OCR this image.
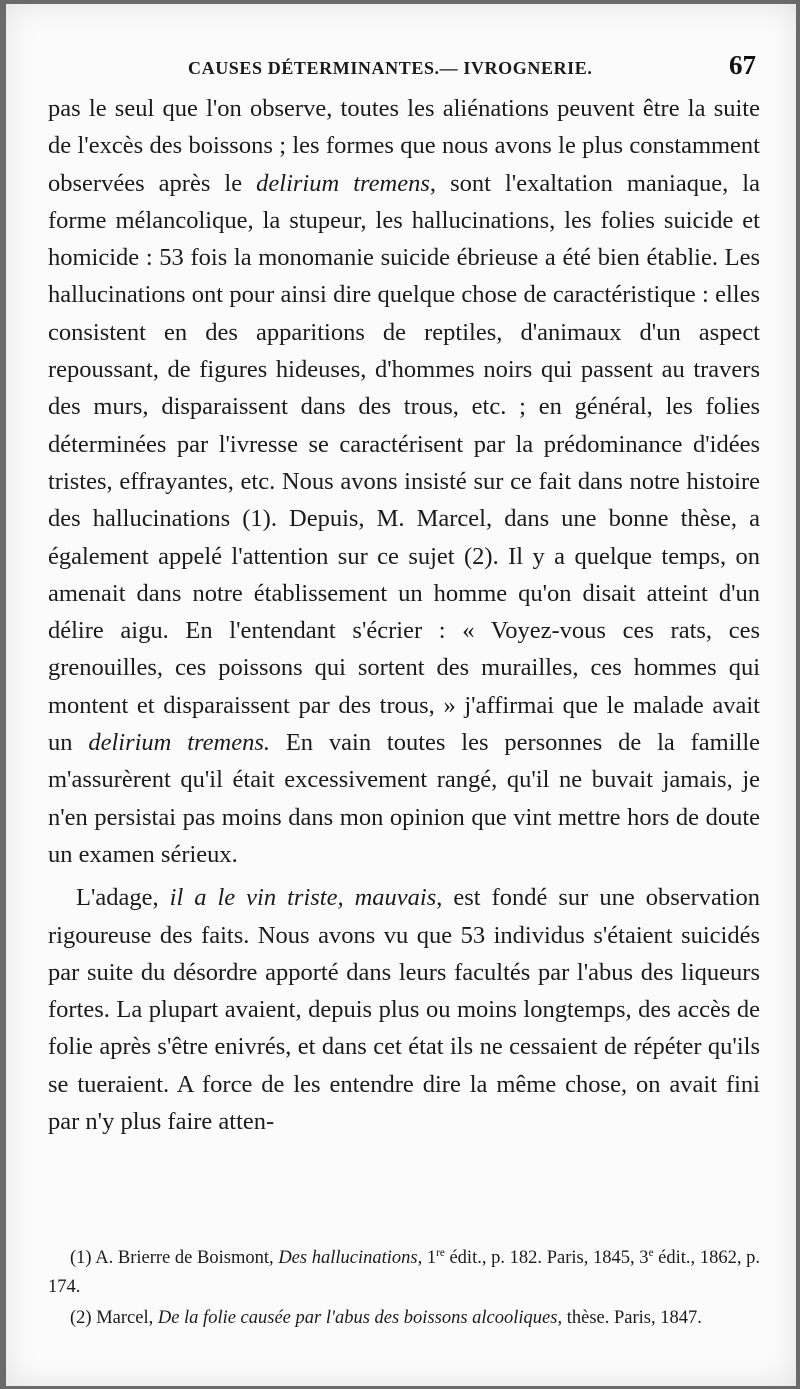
CAUSES DÉTERMINANTES.— IVROGNERIE.	67

pas le seul que l'on observe, toutes les aliénations peuvent être la suite de l'excès des boissons ; les formes que nous avons le plus constamment observées après le delirium tremens, sont l'exaltation maniaque, la forme mélancolique, la stupeur, les hallucinations, les folies suicide et homicide : 53 fois la monomanie suicide ébrieuse a été bien établie. Les hallucinations ont pour ainsi dire quelque chose de caractéristique : elles consistent en des apparitions de reptiles, d'animaux d'un aspect repoussant, de figures hideuses, d'hommes noirs qui passent au travers des murs, disparaissent dans des trous, etc. ; en général, les folies déterminées par l'ivresse se caractérisent par la prédominance d'idées tristes, effrayantes, etc. Nous avons insisté sur ce fait dans notre histoire des hallucinations (1). Depuis, M. Marcel, dans une bonne thèse, a également appelé l'attention sur ce sujet (2). Il y a quelque temps, on amenait dans notre établissement un homme qu'on disait atteint d'un délire aigu. En l'entendant s'écrier : « Voyez-vous ces rats, ces grenouilles, ces poissons qui sortent des murailles, ces hommes qui montent et disparaissent par des trous, » j'affirmai que le malade avait un delirium tremens. En vain toutes les personnes de la famille m'assurèrent qu'il était excessivement rangé, qu'il ne buvait jamais, je n'en persistai pas moins dans mon opinion que vint mettre hors de doute un examen sérieux.

L'adage, il a le vin triste, mauvais, est fondé sur une observation rigoureuse des faits. Nous avons vu que 53 individus s'étaient suicidés par suite du désordre apporté dans leurs facultés par l'abus des liqueurs fortes. La plupart avaient, depuis plus ou moins longtemps, des accès de folie après s'être enivrés, et dans cet état ils ne cessaient de répéter qu'ils se tueraient. A force de les entendre dire la même chose, on avait fini par n'y plus faire atten-

(1) A. Brierre de Boismont, Des hallucinations, 1re édit., p. 182. Paris, 1845, 3e édit., 1862, p. 174.

(2) Marcel, De la folie causée par l'abus des boissons alcooliques, thèse. Paris, 1847.
